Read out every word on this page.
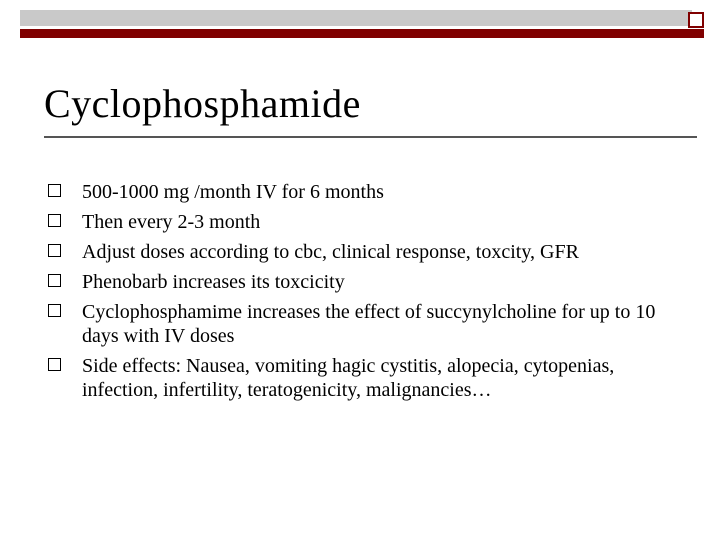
Cyclophosphamide
500-1000 mg /month IV for 6 months
Then every 2-3 month
Adjust doses according to cbc, clinical response, toxcity, GFR
Phenobarb increases its toxcicity
Cyclophosphamime increases the effect of succynylcholine for up to 10 days with IV doses
Side effects: Nausea, vomiting hagic cystitis, alopecia, cytopenias, infection, infertility, teratogenicity, malignancies…
